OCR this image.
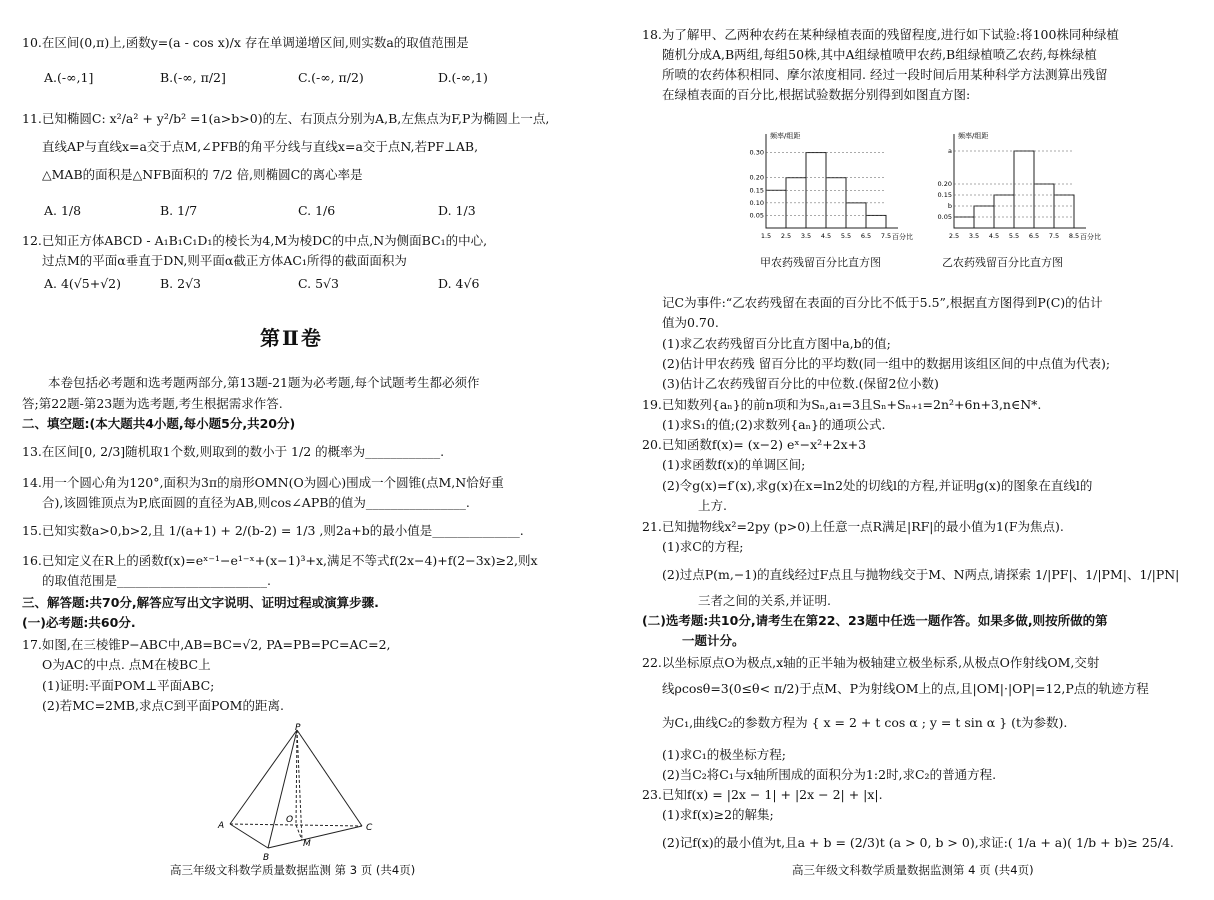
10.在区间(0,π)上,函数y=(a - cos x)/x 存在单调递增区间,则实数a的取值范围是
A.(-∞,1]	B.(-∞, π/2]	C.(-∞, π/2)	D.(-∞,1)
11.已知椭圆C: x²/a² + y²/b² =1(a>b>0)的左、右顶点分别为A,B,左焦点为F,P为椭圆上一点,
直线AP与直线x=a交于点M,∠PFB的角平分线与直线x=a交于点N,若PF⊥AB,
△MAB的面积是△NFB面积的 7/2 倍,则椭圆C的离心率是
A. 1/8	B. 1/7	C. 1/6	D. 1/3
12.已知正方体ABCD - A₁B₁C₁D₁的棱长为4,M为棱DC的中点,N为侧面BC₁的中心,
过点M的平面α垂直于DN,则平面α截正方体AC₁所得的截面面积为
A. 4(√5+√2)	B. 2√3	C. 5√3	D. 4√6
第Ⅱ卷
本卷包括必考题和选考题两部分,第13题-21题为必考题,每个试题考生都必须作
答;第22题-第23题为选考题,考生根据需求作答.
二、填空题:(本大题共4小题,每小题5分,共20分)
13.在区间[0, 2/3]随机取1个数,则取到的数小于 1/2 的概率为____________.
14.用一个圆心角为120°,面积为3π的扇形OMN(O为圆心)围成一个圆锥(点M,N恰好重
合),该圆锥顶点为P,底面圆的直径为AB,则cos∠APB的值为________________.
15.已知实数a>0,b>2,且 1/(a+1) + 2/(b-2) = 1/3 ,则2a+b的最小值是______________.
16.已知定义在R上的函数f(x)=eˣ⁻¹−e¹⁻ˣ+(x−1)³+x,满足不等式f(2x−4)+f(2−3x)≥2,则x
的取值范围是________________________.
三、解答题:共70分,解答应写出文字说明、证明过程或演算步骤.
(一)必考题:共60分.
17.如图,在三棱锥P−ABC中,AB=BC=√2, PA=PB=PC=AC=2,
O为AC的中点. 点M在棱BC上
(1)证明:平面POM⊥平面ABC;
(2)若MC=2MB,求点C到平面POM的距离.
P
A
B
C
O
M
高三年级文科数学质量数据监测 第 3 页 (共4页)
18.为了解甲、乙两种农药在某种绿植表面的残留程度,进行如下试验:将100株同种绿植
随机分成A,B两组,每组50株,其中A组绿植喷甲农药,B组绿植喷乙农药,每株绿植
所喷的农药体积相同、摩尔浓度相同. 经过一段时间后用某种科学方法测算出残留
在绿植表面的百分比,根据试验数据分别得到如图直方图:
频率/组距
百分比
0.30
0.20
0.15
0.10
0.05
1.5 2.5 3.5 4.5 5.5 6.5 7.5
频率/组距
百分比
a
0.20
0.15
b
0.05
2.5 3.5 4.5 5.5 6.5 7.5 8.5
甲农药残留百分比直方图	乙农药残留百分比直方图
记C为事件:“乙农药残留在表面的百分比不低于5.5”,根据直方图得到P(C)的估计
值为0.70.
(1)求乙农药残留百分比直方图中a,b的值;
(2)估计甲农药残 留百分比的平均数(同一组中的数据用该组区间的中点值为代表);
(3)估计乙农药残留百分比的中位数.(保留2位小数)
19.已知数列{aₙ}的前n项和为Sₙ,a₁=3且Sₙ+Sₙ₊₁=2n²+6n+3,n∈N*.
(1)求S₁的值;(2)求数列{aₙ}的通项公式.
20.已知函数f(x)= (x−2) eˣ−x²+2x+3
(1)求函数f(x)的单调区间;
(2)令g(x)=f′(x),求g(x)在x=ln2处的切线l的方程,并证明g(x)的图象在直线l的
上方.
21.已知抛物线x²=2py (p>0)上任意一点R满足|RF|的最小值为1(F为焦点).
(1)求C的方程;
(2)过点P(m,−1)的直线经过F点且与抛物线交于M、N两点,请探索 1/|PF|、1/|PM|、1/|PN|
三者之间的关系,并证明.
(二)选考题:共10分,请考生在第22、23题中任选一题作答。如果多做,则按所做的第
一题计分。
22.以坐标原点O为极点,x轴的正半轴为极轴建立极坐标系,从极点O作射线OM,交射
线ρcosθ=3(0≤θ< π/2)于点M、P为射线OM上的点,且|OM|·|OP|=12,P点的轨迹方程
为C₁,曲线C₂的参数方程为 { x = 2 + t cos α ; y = t sin α } (t为参数).
(1)求C₁的极坐标方程;
(2)当C₂将C₁与x轴所围成的面积分为1:2时,求C₂的普通方程.
23.已知f(x) = |2x − 1| + |2x − 2| + |x|.
(1)求f(x)≥2的解集;
(2)记f(x)的最小值为t,且a + b = (2/3)t (a > 0, b > 0),求证:( 1/a + a)( 1/b + b)≥ 25/4.
高三年级文科数学质量数据监测第 4 页 (共4页)
